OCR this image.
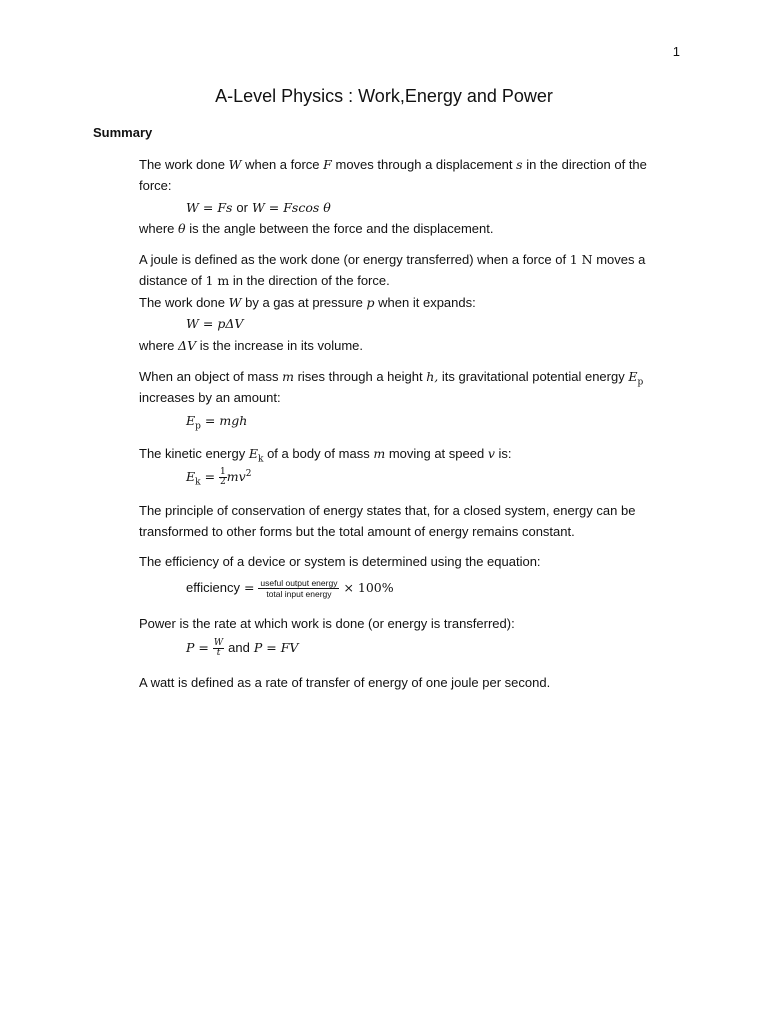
1
A-Level Physics : Work,Energy and Power
Summary

The work done W when a force F moves through a displacement s in the direction of the force:

W = Fs or W = Fscos θ

where θ is the angle between the force and the displacement.

A joule is defined as the work done (or energy transferred) when a force of 1 N moves a distance of 1 m in the direction of the force.

The work done W by a gas at pressure p when it expands:

W = pΔV

where ΔV is the increase in its volume.

When an object of mass m rises through a height h, its gravitational potential energy $E_p$ increases by an amount:

$E_p$ = mgh

The kinetic energy $E_k$ of a body of mass m moving at speed v is:

$E_k = \frac{1}{2} mv^2$

The principle of conservation of energy states that, for a closed system, energy can be transformed to other forms but the total amount of energy remains constant.

The efficiency of a device or system is determined using the equation:

efficiency = $\frac{\text{useful output energy}}{\text{total input energy}} \times 100\%$

Power is the rate at which work is done (or energy is transferred):

$P = \frac{W}{t}$ and P = FV

A watt is defined as a rate of transfer of energy of one joule per second.
